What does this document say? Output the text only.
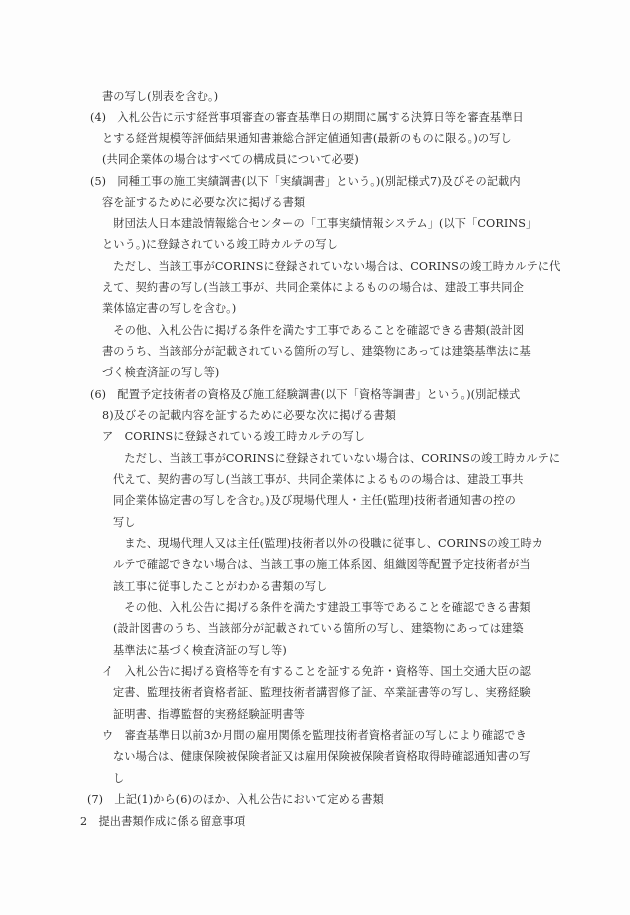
書の写し(別表を含む。)
(4)　入札公告に示す経営事項審査の審査基準日の期間に属する決算日等を審査基準日
とする経営規模等評価結果通知書兼総合評定値通知書(最新のものに限る。)の写し
(共同企業体の場合はすべての構成員について必要)
(5)　同種工事の施工実績調書(以下「実績調書」という。)(別記様式7)及びその記載内
容を証するために必要な次に掲げる書類
　財団法人日本建設情報総合センターの「工事実績情報システム」(以下「CORINS」
という。)に登録されている竣工時カルテの写し
　ただし、当該工事がCORINSに登録されていない場合は、CORINSの竣工時カルテに代
えて、契約書の写し(当該工事が、共同企業体によるものの場合は、建設工事共同企
業体協定書の写しを含む。)
　その他、入札公告に掲げる条件を満たす工事であることを確認できる書類(設計図
書のうち、当該部分が記載されている箇所の写し、建築物にあっては建築基準法に基
づく検査済証の写し等)
(6)　配置予定技術者の資格及び施工経験調書(以下「資格等調書」という。)(別記様式
8)及びその記載内容を証するために必要な次に掲げる書類
ア　CORINSに登録されている竣工時カルテの写し
　ただし、当該工事がCORINSに登録されていない場合は、CORINSの竣工時カルテに
代えて、契約書の写し(当該工事が、共同企業体によるものの場合は、建設工事共
同企業体協定書の写しを含む。)及び現場代理人・主任(監理)技術者通知書の控の
写し
　また、現場代理人又は主任(監理)技術者以外の役職に従事し、CORINSの竣工時カ
ルテで確認できない場合は、当該工事の施工体系図、組織図等配置予定技術者が当
該工事に従事したことがわかる書類の写し
　その他、入札公告に掲げる条件を満たす建設工事等であることを確認できる書類
(設計図書のうち、当該部分が記載されている箇所の写し、建築物にあっては建築
基準法に基づく検査済証の写し等)
イ　入札公告に掲げる資格等を有することを証する免許・資格等、国土交通大臣の認
定書、監理技術者資格者証、監理技術者講習修了証、卒業証書等の写し、実務経験
証明書、指導監督的実務経験証明書等
ウ　審査基準日以前3か月間の雇用関係を監理技術者資格者証の写しにより確認でき
ない場合は、健康保険被保険者証又は雇用保険被保険者資格取得時確認通知書の写
し
(7)　上記(1)から(6)のほか、入札公告において定める書類
2　提出書類作成に係る留意事項
